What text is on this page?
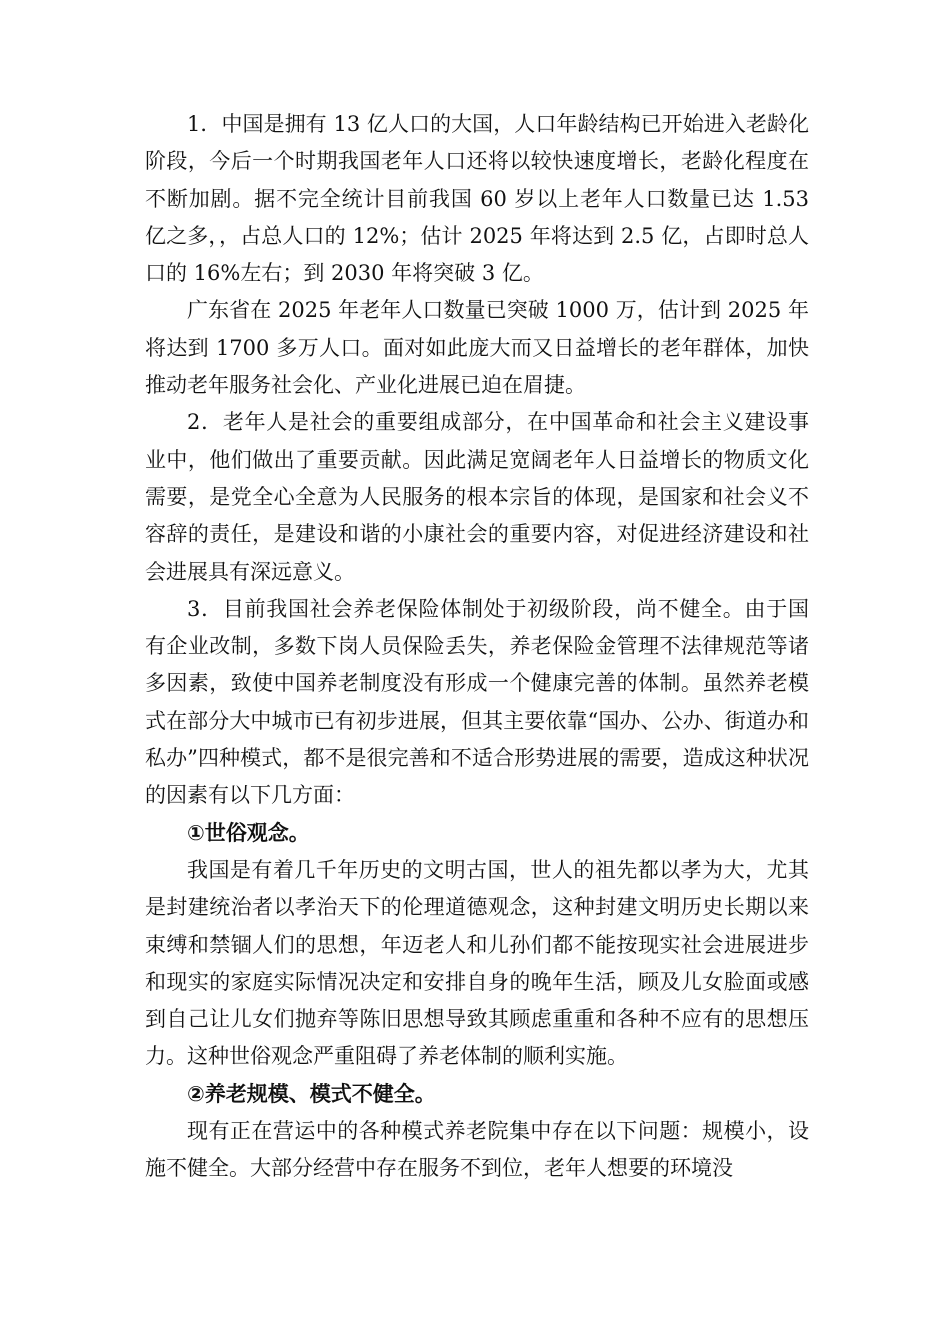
1．中国是拥有 13 亿人口的大国，人口年龄结构已开始进入老龄化阶段，今后一个时期我国老年人口还将以较快速度增长，老龄化程度在不断加剧。据不完全统计目前我国 60 岁以上老年人口数量已达 1.53 亿之多，，占总人口的 12%；估计 2025 年将达到 2.5 亿，占即时总人口的 16%左右；到 2030 年将突破 3 亿。

广东省在 2025 年老年人口数量已突破 1000 万，估计到 2025 年将达到 1700 多万人口。面对如此庞大而又日益增长的老年群体，加快推动老年服务社会化、产业化进展已迫在眉捷。

2．老年人是社会的重要组成部分，在中国革命和社会主义建设事业中，他们做出了重要贡献。因此满足宽阔老年人日益增长的物质文化需要，是党全心全意为人民服务的根本宗旨的体现，是国家和社会义不容辞的责任，是建设和谐的小康社会的重要内容，对促进经济建设和社会进展具有深远意义。

3．目前我国社会养老保险体制处于初级阶段，尚不健全。由于国有企业改制，多数下岗人员保险丢失，养老保险金管理不法律规范等诸多因素，致使中国养老制度没有形成一个健康完善的体制。虽然养老模式在部分大中城市已有初步进展，但其主要依靠“国办、公办、街道办和私办”四种模式，都不是很完善和不适合形势进展的需要，造成这种状况的因素有以下几方面：

①世俗观念。

我国是有着几千年历史的文明古国，世人的祖先都以孝为大，尤其是封建统治者以孝治天下的伦理道德观念，这种封建文明历史长期以来束缚和禁锢人们的思想，年迈老人和儿孙们都不能按现实社会进展进步和现实的家庭实际情况决定和安排自身的晚年生活，顾及儿女脸面或感到自己让儿女们抛弃等陈旧思想导致其顾虑重重和各种不应有的思想压力。这种世俗观念严重阻碍了养老体制的顺利实施。

②养老规模、模式不健全。

现有正在营运中的各种模式养老院集中存在以下问题：规模小，设施不健全。大部分经营中存在服务不到位，老年人想要的环境没
